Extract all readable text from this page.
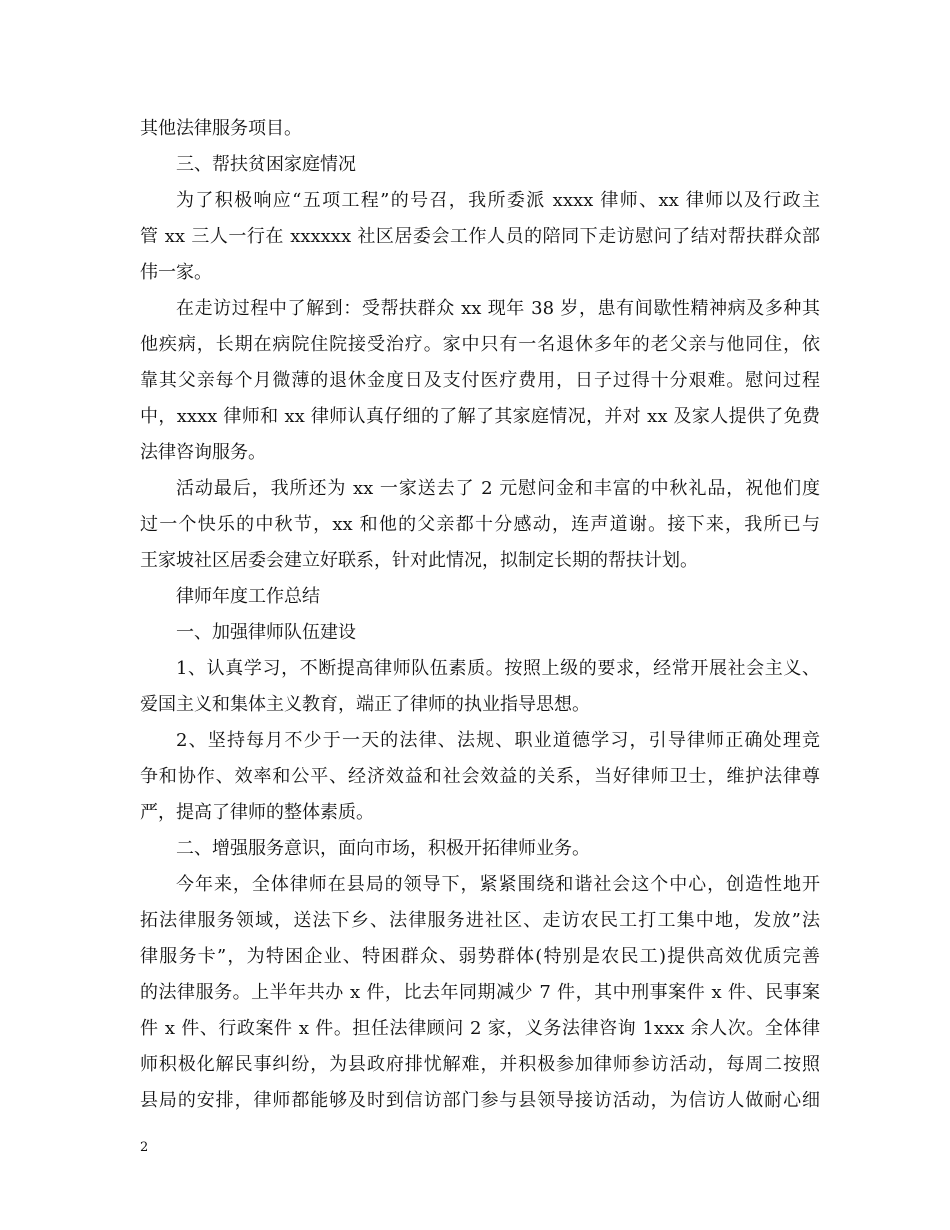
其他法律服务项目。
三、帮扶贫困家庭情况
为了积极响应“五项工程”的号召，我所委派 xxxx 律师、xx 律师以及行政主
管 xx 三人一行在 xxxxxx 社区居委会工作人员的陪同下走访慰问了结对帮扶群众部
伟一家。
在走访过程中了解到：受帮扶群众 xx 现年 38 岁，患有间歇性精神病及多种其
他疾病，长期在病院住院接受治疗。家中只有一名退休多年的老父亲与他同住，依
靠其父亲每个月微薄的退休金度日及支付医疗费用，日子过得十分艰难。慰问过程
中，xxxx 律师和 xx 律师认真仔细的了解了其家庭情况，并对 xx 及家人提供了免费
法律咨询服务。
活动最后，我所还为 xx 一家送去了 2 元慰问金和丰富的中秋礼品，祝他们度
过一个快乐的中秋节，xx 和他的父亲都十分感动，连声道谢。接下来，我所已与
王家坡社区居委会建立好联系，针对此情况，拟制定长期的帮扶计划。
律师年度工作总结
一、加强律师队伍建设
1、认真学习，不断提高律师队伍素质。按照上级的要求，经常开展社会主义、
爱国主义和集体主义教育，端正了律师的执业指导思想。
2、坚持每月不少于一天的法律、法规、职业道德学习，引导律师正确处理竞
争和协作、效率和公平、经济效益和社会效益的关系，当好律师卫士，维护法律尊
严，提高了律师的整体素质。
二、增强服务意识，面向市场，积极开拓律师业务。
今年来，全体律师在县局的领导下，紧紧围绕和谐社会这个中心，创造性地开
拓法律服务领域，送法下乡、法律服务进社区、走访农民工打工集中地，发放”法
律服务卡”，为特困企业、特困群众、弱势群体(特别是农民工)提供高效优质完善
的法律服务。上半年共办 x 件，比去年同期减少 7 件，其中刑事案件 x 件、民事案
件 x 件、行政案件 x 件。担任法律顾问 2 家，义务法律咨询 1xxx 余人次。全体律
师积极化解民事纠纷，为县政府排忧解难，并积极参加律师参访活动，每周二按照
县局的安排，律师都能够及时到信访部门参与县领导接访活动，为信访人做耐心细
2
